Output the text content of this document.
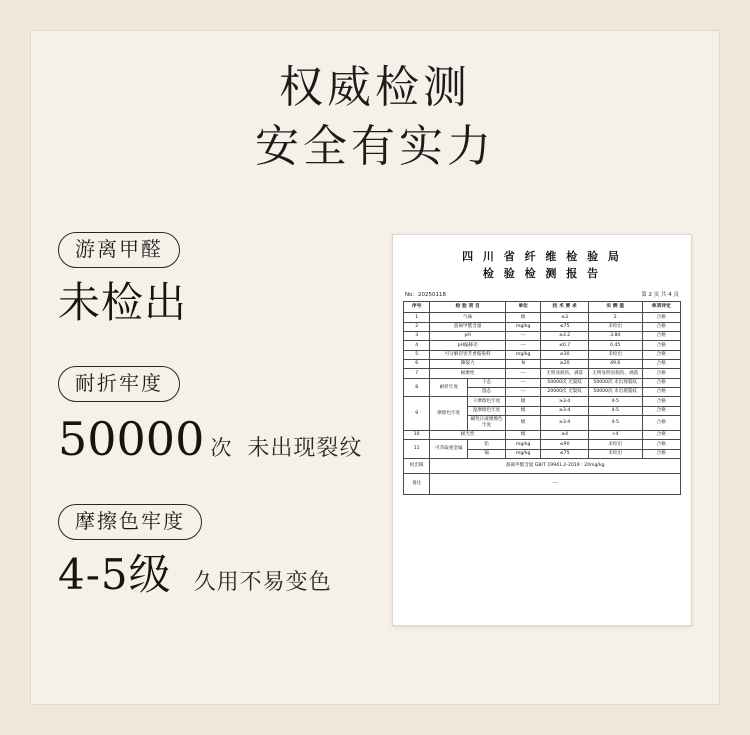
权威检测
安全有实力
游离甲醛
未检出
耐折牢度
50000 次 未出现裂纹
摩擦色牢度
4-5级 久用不易变色
四 川 省 纤 维 检 验 局
检 验 检 测 报 告
No：20250118	第 2 页 共 4 页
序号	检 验 项 目		单位	技 术 要 求	实 测 值	单项评定
1	气味		级	≤3	2	合格
2	游离甲醛含量		mg/kg	≤75	未检出	合格
3	pH		---	≥3.2	3.84	合格
4	pH偏移差		---	≤0.7	0.45	合格
5	可分解有害芳香胺染料		mg/kg	≤30	未检出	合格
6	撕裂力		N	≥20	49.6	合格
7	耐磨性		---	无明显损伤、剥落	无明显明显损伤、剥落	合格
8	耐折牢度	干态	---	50000次 无裂纹	50000次 未出现裂纹	合格
		湿态	---	20000次 无裂纹	50000次 未出现裂纹	合格
9	摩擦色牢度	干摩擦色牢度	级	≥3-4	4-5	合格
		湿摩擦色牢度	级	≥3-4	4-5	合格
		碱性汗液摩擦色牢度	级	≥3-4	4-5	合格
10	耐光性		级	≥4	>4	合格
11	可萃取重金属	铅	mg/kg	≤90	未检出	合格
		镉	mg/kg	≤75	未检出	合格
检出限	游离甲醛含量 GB/T 19941.2-2019 : 20mg/kg					
备注	---					
